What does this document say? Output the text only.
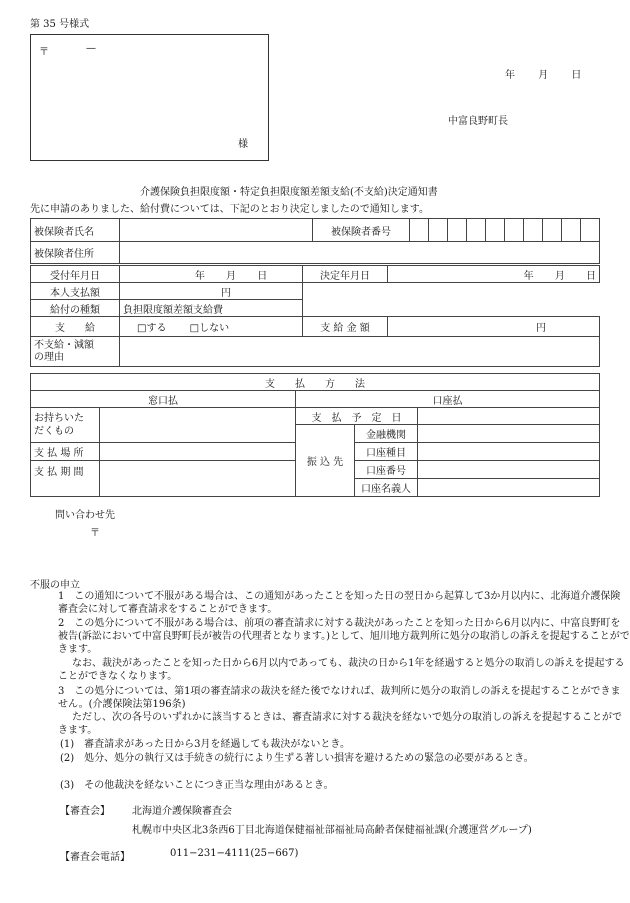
第 35 号様式
〒	—
様
年 月 日
中富良野町長
介護保険負担限度額・特定負担限度額差額支給(不支給)決定通知書
先に申請のありました、給付費については、下記のとおり決定しましたので通知します。
被保険者氏名		被保険者番号	

被保険者住所			
受付年月日	年 月 日	決定年月日	年 月 日
本人支払額	円		
給付の種類	負担限度額差額支給費		
支　　給	□する □しない	支 給 金 額	円

不支給・減額
の理由			

支　　払　　方　　法				
窓口払		口座払		

お持ちいた
だくもの		支　払　予　定　日		
		振 込 先	金融機関	
支 払 場 所			口座種目	
支 払 期 間			口座番号	
			口座名義人	
問い合わせ先
〒
不服の申立

1　この通知について不服がある場合は、この通知があったことを知った日の翌日から起算して3か月以内に、北海道介護保険審査会に対して審査請求をすることができます。

2　この処分について不服がある場合は、前項の審査請求に対する裁決があったことを知った日から6月以内に、中富良野町を被告(訴訟において中富良野町長が被告の代理者となります。)として、旭川地方裁判所に処分の取消しの訴えを提起することができます。

なお、裁決があったことを知った日から6月以内であっても、裁決の日から1年を経過すると処分の取消しの訴えを提起することができなくなります。

3　この処分については、第1項の審査請求の裁決を経た後でなければ、裁判所に処分の取消しの訴えを提起することができません。(介護保険法第196条)

ただし、次の各号のいずれかに該当するときは、審査請求に対する裁決を経ないで処分の取消しの訴えを提起することができます。

(1)　審査請求があった日から3月を経過しても裁決がないとき。

(2)　処分、処分の執行又は手続きの続行により生ずる著しい損害を避けるための緊急の必要があるとき。

(3)　その他裁決を経ないことにつき正当な理由があるとき。

【審査会】 北海道介護保険審査会
札幌市中央区北3条西6丁目北海道保健福祉部福祉局高齢者保健福祉課(介護運営グループ)
【審査会電話】	011−231−4111(25−667)
